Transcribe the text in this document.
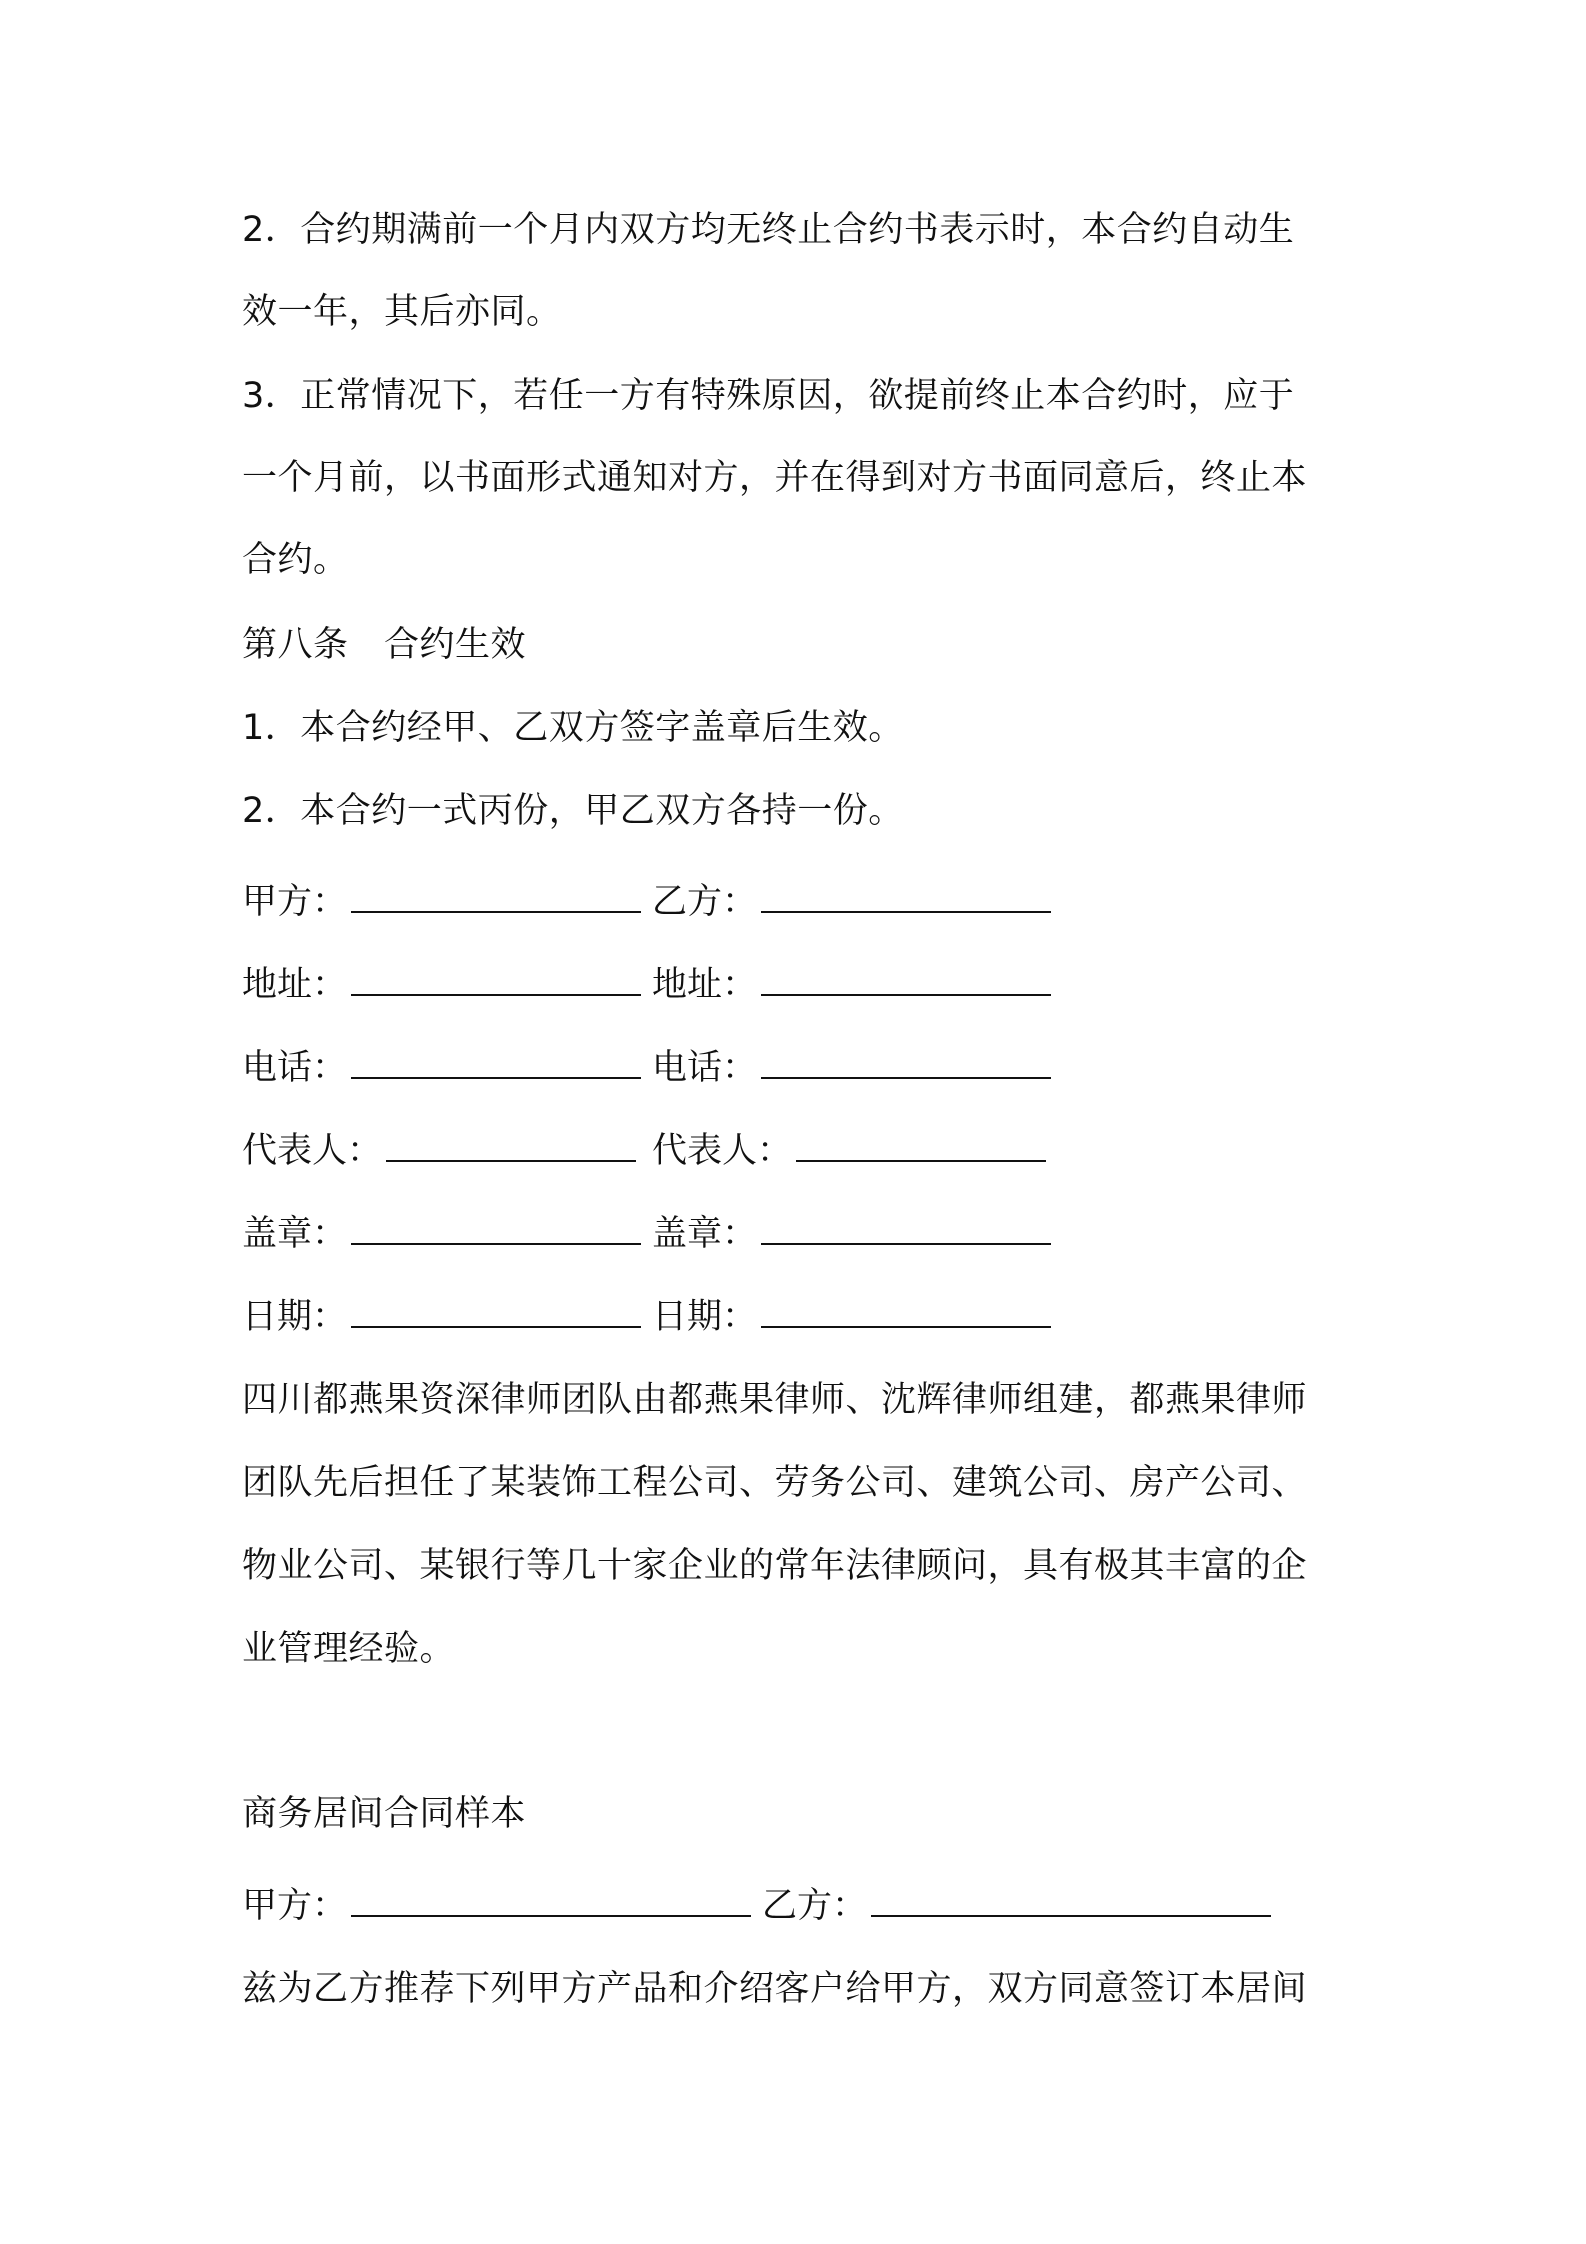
2．合约期满前一个月内双方均无终止合约书表示时，本合约自动生
效一年，其后亦同。
3．正常情况下，若任一方有特殊原因，欲提前终止本合约时，应于
一个月前，以书面形式通知对方，并在得到对方书面同意后，终止本
合约。
第八条　合约生效
1．本合约经甲、乙双方签字盖章后生效。
2．本合约一式丙份，甲乙双方各持一份。
甲方：	乙方：
地址：	地址：
电话：	电话：
代表人：	代表人：
盖章：	盖章：
日期：	日期：
四川都燕果资深律师团队由都燕果律师、沈辉律师组建，都燕果律师
团队先后担任了某装饰工程公司、劳务公司、建筑公司、房产公司、
物业公司、某银行等几十家企业的常年法律顾问，具有极其丰富的企
业管理经验。
商务居间合同样本
甲方：	乙方：
兹为乙方推荐下列甲方产品和介绍客户给甲方，双方同意签订本居间
